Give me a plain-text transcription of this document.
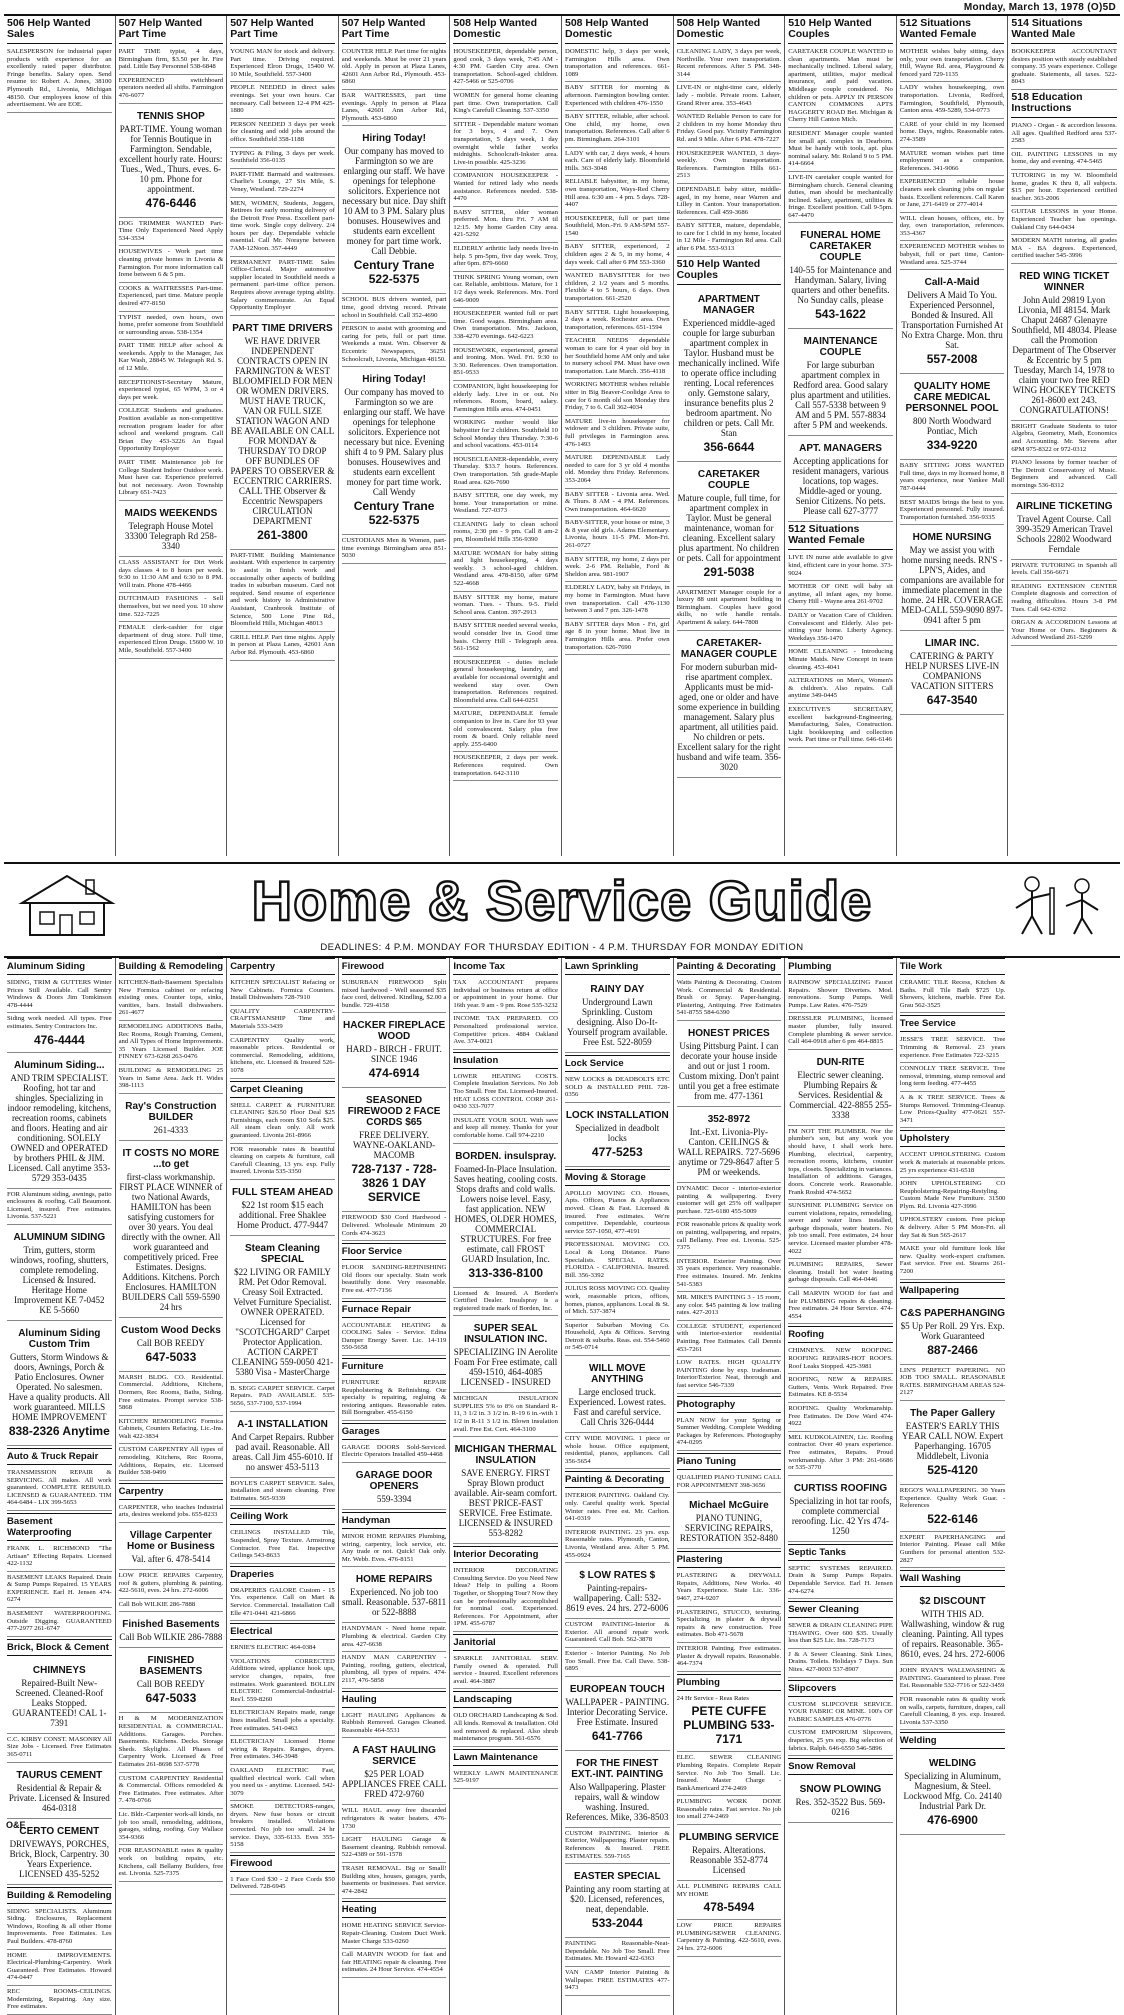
Monday, March 13, 1978 (O)5D
506 Help Wanted Sales
SALESPERSON for industrial paper products with experience for an excellently rated paper distributor. Fringe benefits. Salary open. Send resume to: Robert A. Jones, 38100 Plymouth Rd., Livonia, Michigan 48150. Our employees know of this advertisement. We are EOE.
507 Help Wanted Part Time
PART TIME typist, 4 days, Birmingham firm, $3.50 per hr. Fire paid. Little Bay Personnel 538-6848
EXPERIENCED switchboard operators needed all shifts. Farmington 476-6077
TENNIS SHOP
PART-TIME. Young woman for Tennis Boutique in Farmington. Sendable, excellent hourly rate. Hours: Tues., Wed., Thurs. eves. 6-10 pm. Phone for appointment.
476-6446
DOG TRIMMER WANTED Part-Time Only Experienced Need Apply 534-3534
HOUSEWIVES - Work part time cleaning private homes in Livonia & Farmington. For more information call Irene between 6 & 5 pm.
COOKS & WAITRESSES Part-time. Experienced, part time. Mature people desired 477-8150
TYPIST needed, own hours, own home, prefer someone from Southfield or surrounding areas. 538-1354
PART TIME HELP after school & weekends. Apply to the Manager, Jax Kar Wash, 28845 W. Telegraph Rd. S. of 12 Mile.
RECEPTIONIST-Secretary Mature, experienced typist, 65 WPM, 3 or 4 days per week.
COLLEGE Students and graduates. Position available as non-competitive recreation program leader for after school and weekend program. Call Brian Day 453-3226 An Equal Opportunity Employer
PART TIME Maintenance job for College Student Indoor Outdoor work. Must have car. Experience preferred but not necessary. Avon Township Library 651-7423
MAIDS WEEKENDS
Telegraph House Motel 33300 Telegraph Rd 258-3340
CLASS ASSISTANT for Dirt Work days classes 4 to 8 hours per week. 9:30 to 11:30 AM and 6:30 to 8 PM. Will train. Phone 478-4466
DUTCHMAID FASHIONS - Sell themselves, but we need you. 10 show time. 522-7225
FEMALE clerk-cashier for cigar department of drug store. Full time, experienced Elron Drugs. 15600 W. 10 Mile, Southfield. 557-3400
507 Help Wanted Part Time
YOUNG MAN for stock and delivery. Part time. Driving required. Experienced Elron Drugs, 15400 W. 10 Mile, Southfield. 557-3400
PEOPLE NEEDED in direct sales evenings. Set your own hours. Car necessary. Call between 12-4 PM 425-1880
PERSON NEEDED 3 days per week for cleaning and odd jobs around the office. Southfield 358-1188
TYPING & Filing, 3 days per week. Southfield 356-0135
PART-TIME Barmaid and waitresses. Charlie's Lounge, 27 Six Mile, S. Veney, Westland. 729-2274
MEN, WOMEN, Students, Joggers, Retirees for early morning delivery of the Detroit Free Press. Excellent part-time work. Single copy delivery. 2/4 hours per day. Dependable vehicle essential. Call Mr. Norayne between 7AM-12Noon. 357-4449
PERMANENT PART-TIME Sales Office-Clerical. Major automotive supplier located in Southfield needs a permanent part-time office person. Requires above average typing ability. Salary commensurate. An Equal Opportunity Employer
PART TIME DRIVERS
WE HAVE DRIVER INDEPENDENT CONTRACTS OPEN IN FARMINGTON & WEST BLOOMFIELD FOR MEN OR WOMEN DRIVERS. MUST HAVE TRUCK, VAN OR FULL SIZE STATION WAGON AND BE AVAILABLE ON CALL FOR MONDAY & THURSDAY TO DROP OFF BUNDLES OF PAPERS TO OBSERVER & ECCENTRIC CARRIERS. CALL THE Observer & Eccentric Newspapers CIRCULATION DEPARTMENT
261-3800
PART-TIME Building Maintenance assistant. With experience in carpentry to assist in finish work and occasionally other aspects of building trades in suburban museum. Card not required. Send resume of experience and work history to Administrative Assistant, Cranbrook Institute of Science, 500 Lone Pine Rd., Bloomfield Hills, Michigan 48013
GRILL HELP. Part time nights. Apply in person at Plaza Lanes, 42601 Ann Arbor Rd. Plymouth. 453-6860
507 Help Wanted Part Time
COUNTER HELP. Part time for nights and weekends. Must be over 21 years old. Apply in person at Plaza Lanes, 42601 Ann Arbor Rd., Plymouth. 453-6860
BAR WAITRESSES, part time evenings. Apply in person at Plaza Lanes, 42601 Ann Arbor Rd., Plymouth. 453-6860
Hiring Today!
Our company has moved to Farmington so we are enlarging our staff. We have openings for telephone solicitors. Experience not necessary but nice. Day shift 10 AM to 3 PM. Salary plus bonuses. Housewives and students earn excellent money for part time work. Call Debbie.
Century Trane 522-5375
SCHOOL BUS drivers wanted, part time, good driving record. Private school in Southfield. Call 352-4690
PERSON to assist with grooming and caring for pets, full or part time. Weekends a must. Wm. Observer & Eccentric Newspapers, 36251 Schoolcraft, Livonia, Michigan 48150.
Hiring Today!
Our company has moved to Farmington so we are enlarging our staff. We have openings for telephone solicitors. Experience not necessary but nice. Evening shift 4 to 9 PM. Salary plus bonuses. Housewives and students earn excellent money for part time work. Call Wendy
Century Trane 522-5375
CUSTODIANS Men & Women, part-time evenings Birmingham area 851-5030
508 Help Wanted Domestic
HOUSEKEEPER, dependable person, good cook, 3 days week, 7:45 AM - 4:30 PM. Garden City area. Own transportation. School-aged children. 427-5466 or 525-0706
WOMEN for general home cleaning part time. Own transportation. Call King's Carefull Cleaning. 537-3350
SITTER - Dependable mature woman for 3 boys, 4 and 7. Own transportation, 5 days week, 1 day overnight while father works midnights. Schoolcraft-Inkster area. Live-in possible. 425-3236
COMPANION HOUSEKEEPER - Wanted for retired lady who needs assistance. References needed. 538-4470
BABY SITTER, older woman preferred. Mon. thru Fri. 7 AM til 12:15. My home Garden City area. 421-5292
ELDERLY arthritic lady needs live-in help. 5 pm-5pm, five day week. Troy, after 6pm. 879-6660
THINK SPRING Young woman, own car. Reliable, ambitious. Mature, for 1 1/2 days week. References. Mrs. Ford 646-9009
HOUSEKEEPER wanted full or part time. Good wages. Birmingham area. Own transportation. Mrs. Jackson, 338-4270 evenings. 642-6223
HOUSEWORK, experienced, general and ironing. Mon. Wed. Fri. 9:30 to 3:30. References. Own transportation. 851-9533
COMPANION, light housekeeping for elderly lady. Live in or out. No references. Room, board, salary. Farmington Hills area. 474-0451
WORKING mother would like babysitter for 2 children. Southfield 10 School Monday thru Thursday. 7:30-6 and school vacations. 453-0114
HOUSECLEANER-dependable, every Thursday. $33.7 hours. References. Own transportation. 5th grade-Maple Road area. 626-7690
BABY SITTER, one day week, my home. Your transportation or mine. Westland. 727-0373
CLEANING lady to clean school rooms, 2:30 pm - 9 pm. Call 8 am-2 pm, Bloomfield Hills 356-9390
MATURE WOMAN for baby sitting and light housekeeping, 4 days weekly. 3 school-aged children. Westland area. 478-8150, after 6PM 522-4668
BABY SITTER my home, mature woman. Tues. - Thurs. 9-5. Field School area. Canton. 397-2913
BABY SITTER needed several weeks, would consider live in. Good time basis. Cherry Hill - Telegraph area. 561-1562
HOUSEKEEPER - duties include general housekeeping, laundry, and available for occasional overnight and weekend stay over. Own transportation. References required. Bloomfield area. Call 644-0251
MATURE, DEPENDABLE female companion to live in. Care for 93 year old convalescent. Salary plus free room & board. Only reliable need apply. 255-6400
HOUSEKEEPER, 2 days per week. References required. Own transportation. 642-3110
508 Help Wanted Domestic
DOMESTIC help, 3 days per week, Farmington Hills area. Own transportation and references. 661-1089
BABY SITTER for morning & afternoon. Farmington bowling center. Experienced with children 476-1550
BABY SITTER, reliable, after school. One child, my home, own transportation. References. Call after 6 pm. Birmingham. 264-3101
LADY with car, 2 days week, 4 hours each. Care of elderly lady. Bloomfield Hills. 363-3048
RELIABLE babysitter, in my home, own transportation, Ways-Red Cherry Hill area. 6:30 am - 4 pm. 5 days. 728-4407
HOUSEKEEPER, full or part time Southfield, Mon.-Fri. 9 AM-5PM 557-1540
BABY SITTER, experienced, 2 children ages 2 & 5, in my home, 4 days week. Call after 6 PM 553-3360
WANTED BABYSITTER for two children, 2 1/2 years and 5 months. Flexible 4 to 5 hours, 6 days. Own transportation. 661-2520
BABY SITTER. Light housekeeping, 2 days a week. Rochester area. Own transportation, references. 651-1594
TEACHER NEEDS dependable woman to care for 4 year old boy in her Southfield home AM only and take to nursery school PM. Must have own transportation. Late March. 356-4118
WORKING MOTHER wishes reliable sitter in Big Beaver-Coolidge Area to care for 6 month old son Monday thru Friday, 7 to 6. Call 362-4034
MATURE live-in housekeeper for widower and 3 children. Private suite, full privileges in Farmington area. 476-1493
MATURE DEPENDABLE Lady needed to care for 3 yr old 4 months old. Monday thru Friday. References. 353-2064
BABY SITTER - Livonia area. Wed. & Thurs. 8 AM - 4 PM. References. Own transportation. 464-6620
BABY-SITTER, your house or mine, 3 & 8 year old girls. Adams Elementary. Livonia, hours 11-5 PM. Mon-Fri. 261-0727
BABY SITTER, my home, 2 days per week. 2-6 PM. Reliable, Ford & Sheldon area. 981-1907
ELDERLY LADY, baby sit Fridays, in my home in Farmington. Must have own transportation. Call 476-1130 between 3 and 7 pm. 326-1478
BABY SITTER days Mon - Fri, girl age 8 in your home. Must live in Farmington Hills area. Prefer own transportation. 626-7690
508 Help Wanted Domestic
CLEANING LADY, 3 days per week, Northville. Your own transportation. Recent references. After 5 PM. 348-3144
LIVE-IN or night-time care, elderly lady - mobile. Private room. Lahser, Grand River area. 353-4643
WANTED Reliable Person to care for 2 children in my home Monday thru Friday. Good pay. Vicinity Farmington Rd. and 9 Mile. After 6 PM. 478-7227
HOUSEKEEPER WANTED, 3 days-weekly. Own transportation. References. Farmington Hills 661-2513
DEPENDABLE baby sitter, middle-aged, in my home, near Warren and Lilley in Canton. Your transportation. References. Call 459-3686
BABY SITTER, mature, dependable, to care for 1 child in my home, located in 12 Mile - Farmington Rd area. Call after 6 PM. 553-9313
510 Help Wanted Couples
APARTMENT MANAGER
Experienced middle-aged couple for large suburban apartment complex in Taylor. Husband must be mechanically inclined. Wife to operate office including renting. Local references only. Gemstone salary, insurance benefits plus 2 bedroom apartment. No children or pets. Call Mr. Stan
356-6644
CARETAKER COUPLE
Mature couple, full time, for apartment complex in Taylor. Must be general maintenance, woman for cleaning. Excellent salary plus apartment. No children or pets. Call for appointment
291-5038
APARTMENT Manager couple for a luxury 88 unit apartment building in Birmingham. Couples have good skills, no wife handle rentals. Apartment & salary. 644-7808
CARETAKER-MANAGER COUPLE
For modern suburban mid-rise apartment complex. Applicants must be mid-aged, one or older and have some experience in building management. Salary plus apartment, all utilities paid. No children or pets. Excellent salary for the right husband and wife team. 356-3020
510 Help Wanted Couples
CARETAKER COUPLE WANTED to clean apartments. Man must be mechanically inclined. Liberal salary, apartment, utilities, major medical insurance, and paid vacation. Middleage couple considered. No children or pets. APPLY IN PERSON CANTON COMMONS APTS HAGGERTY ROAD Bet. Michigan & Cherry Hill Canton Mich.
RESIDENT Manager couple wanted for small apt. complex in Dearborn. Must be handy with tools, apt. plus nominal salary. Mr. Roland 9 to 5 PM. 414-6664
LIVE-IN caretaker couple wanted for Birmingham church. General cleaning duties, man should be mechanically inclined. Salary, apartment, utilities & fringe. Excellent position. Call 9-5pm. 647-4470
FUNERAL HOME CARETAKER COUPLE
140-55 for Maintenance and Handyman. Salary, living quarters and other benefits. No Sunday calls, please
543-1622
MAINTENANCE COUPLE
For large suburban apartment complex in Redford area. Good salary plus apartment and utilities. Call 557-5338 between 9 AM and 5 PM. 557-8834 after 5 PM and weekends.
APT. MANAGERS
Accepting applications for resident managers, various locations, top wages. Middle-aged or young. Senior Citizens. No pets. Please call 627-3777
512 Situations Wanted Female
LIVE IN nurse aide available to give kind, efficient care in your home. 373-9024
MOTHER OF ONE will baby sit anytime, all infant ages, my home. Cherry Hill - Wayne area 261-9702
DAILY or Vacation Care of Children. Convalescent and Elderly. Also pet-sitting your home. Liberty Agency. Weekdays 356-1470
HOME CLEANING - Introducing Minute Maids. New Concept in team cleaning. 453-4041
ALTERATIONS on Men's, Women's & children's. Also repairs. Call anytime 349-0445
EXECUTIVE'S SECRETARY, excellent background-Engineering, Manufacturing, Sales, Construction. Light bookkeeping and collection work. Part time or Full time. 646-6146
512 Situations Wanted Female
MOTHER wishes baby sitting, days only, your own transportation. Cherry Hill, Wayne Rd. area, Playground & fenced yard 729-1135
LADY wishes housekeeping, own transportation. Livonia, Redford, Farmington, Southfield, Plymouth, Canton area. 459-5289, 534-0773
CARE of your child in my licensed home. Days, nights. Reasonable rates. 274-3589
MATURE woman wishes part time employment as a companion. References. 341-9066
EXPERIENCED reliable house cleaners seek cleaning jobs on regular basis. Excellent references. Call Karen or Jane, 271-6419 or 277-4014
WILL clean houses, offices, etc. by day, own transportation, references. 353-4367
EXPERIENCED MOTHER wishes to babysit, full or part time, Canton-Westland area. 525-3744
Call-A-Maid
Delivers A Maid To You. Experienced Personnel, Bonded & Insured. All Transportation Furnished At No Extra Charge. Mon. thru Sat.
557-2008
QUALITY HOME CARE MEDICAL PERSONNEL POOL
800 North Woodward Pontiac, Mich
334-9220
BABY SITTING JOBS WANTED Full time, days in my licensed home, 8 years experience, near Yankee Mall 787-0444
BEST MAIDS brings the best to you. Experienced personnel. Fully insured. Transportation furnished. 356-9335
HOME NURSING
May we assist you with home nursing needs. RN'S - LPN'S, Aides, and companions are available for immediate placement in the home. 24 HR. COVERAGE MED-CALL 559-9090 897-0941 after 5 pm
LIMAR INC.
CATERING & PARTY HELP NURSES LIVE-IN COMPANIONS VACATION SITTERS
647-3540
514 Situations Wanted Male
BOOKKEEPER ACCOUNTANT desires position with steady established company. 35 years experience. College graduate. Statements, all taxes. 522-8043
518 Education Instructions
PIANO - Organ - & accordion lessons. All ages. Qualified Redford area 537-2583
OIL PAINTING LESSONS in my home, day and evening. 474-5465
TUTORING in my W. Bloomfield home, grades K thru 8, all subjects. $15 per hour. Experienced certified teacher. 363-2006
GUITAR LESSONS in your Home. Experienced Teacher has openings. Oakland City 644-0434
MODERN MATH tutoring, all grades MA - BA degrees. Experienced, certified teacher 545-3996
RED WING TICKET WINNER
John Auld 29819 Lyon Livonia, MI 48154. Mark Chaput 24687 Glenayre Southfield, MI 48034. Please call the Promotion Department of The Observer & Eccentric by 5 pm Tuesday, March 14, 1978 to claim your two free RED WING HOCKEY TICKETS 261-8600 ext 243. CONGRATULATIONS!
BRIGHT Graduate Students to tutor Algebra, Geometry, Math, Economics and Accounting. Mr. Stevens after 6PM 975-8322 or 972-0312
PIANO lessons by former teacher of The Detroit Conservatory of Music. Beginners and advanced. Call mornings 536-8312
AIRLINE TICKETING
Travel Agent Course. Call 399-3529 American Travel Schools 22802 Woodward Ferndale
PRIVATE TUTORING in Spanish all levels. Call 356-6671
READING EXTENSION CENTER Complete diagnosis and correction of reading difficulties. Hours 3-8 PM Tues. Call 642-6392
ORGAN & ACCORDION Lessons at Your Home or Ours. Beginners & Advanced Westland 261-5299
Home & Service Guide
DEADLINES: 4 P.M. MONDAY FOR THURSDAY EDITION - 4 P.M. THURSDAY FOR MONDAY EDITION
Aluminum Siding
SIDING, TRIM & GUTTERS Winter Prices Still Available. Call Sentry Windows & Doors Jim Tomkinson 478-4444
Siding work needed. All types. Free estimates. Sentry Contractors Inc.
476-4444
Aluminum Siding...
AND TRIM SPECIALIST. Roofing, hot tar and shingles. Specializing in indoor remodeling, kitchens, recreation rooms, cabinets and floors. Heating and air conditioning. SOLELY OWNED and OPERATED by brothers PHIL & JIM. Licensed. Call anytime 353-5729 353-0435
FOR Aluminum siding, awnings, patio enclosures & roofing. Call Beaumont. Licensed, insured. Free estimates. Livonia. 537-5221
ALUMINUM SIDING
Trim, gutters, storm windows, roofing, shutters, complete remodeling. Licensed & Insured. Heritage Home Improvement KE 7-0452 KE 5-5660
Aluminum Siding Custom Trim
Gutters, Storm Windows & doors, Awnings, Porch & Patio Enclosures. Owner Operated. No salesmen. Have a quality products. All work guaranteed. MILLS HOME IMPROVEMENT
838-2326 Anytime
Auto & Truck Repair
TRANSMISSION REPAIR & SERVICING. All makes. All work guaranteed. COMPLETE REBUILD. LICENSED & GUARANTEED. TIM 464-6484 - LIX 399-5653
Basement Waterproofing
FRANK L. RICHMOND "The Artisan" Effecting Repairs. Licensed 422-1132
BASEMENT LEAKS Repaired. Drain & Sump Pumps Repaired. 15 YEARS EXPERIENCE. Earl H. Jensen 474-6274
BASEMENT WATERPROOFING. Outside Digging. GUARANTEED 477-2977 261-6747
Brick, Block & Cement
CHIMNEYS
Repaired-Built New-Screened. Cleaned-Roof Leaks Stopped. GUARANTEED! CAL 1-7391
C.C. KIRBY CONST. MASONRY All Size Jobs - Licensed. Free Estimates 365-0711
TAURUS CEMENT
Residential & Repair & Private. Licensed & Insured 464-0318
CERTO CEMENT
DRIVEWAYS, PORCHES, Brick, Block, Carpentry. 30 Years Experience. LICENSED 435-5252
Building & Remodeling
SIDING SPECIALISTS. Aluminum Siding. Enclosures, Replacement Windows, Roofing & all other Home Improvements. Free Estimates. Les Paul Builders. 478-8760
HOME IMPROVEMENTS. Electrical-Plumbing-Carpentry. Work Guaranteed. Free Estimates. Howard 474-0447
REC ROOMS-CEILINGS. Modernizing, Repairing. Any size. Free estimates.
Building & Remodeling
KITCHEN-Bath-Basement Specialists New Formica cabinet or refacing existing ones. Counter tops, sinks, vanities, bars. Install dishwashers. 261-4677
REMODELING ADDITIONS Baths, Rec Rooms, Rough Framing, Cement, and All Types of Home Improvements. 35 Years Licensed Builder. JOE FINNEY 673-6268 263-0476
BUILDING & REMODELING 25 Years in Same Area. Jack H. Wides 398-1113
Ray's Construction BUILDER
261-4333
IT COSTS NO MORE ...to get
first-class workmanship. FIRST PLACE WINNER of two National Awards, HAMILTON has been satisfying customers for over 30 years. You deal directly with the owner. All work guaranteed and competitively priced. Free Estimates. Designs. Additions. Kitchens. Porch Enclosures. HAMILTON BUILDERS Call 559-5590 24 hrs
Custom Wood Decks
Call BOB REEDY
647-5033
MARSH BLDG. CO. Residential. Commercial. Additions, Kitchens, Dormers, Rec Rooms, Baths, Siding. Free estimates. Prompt service 538-5868
KITCHEN REMODELING Formica Cabinets, Counters Refacing. Lic.-Ins. Walt 422-3834
CUSTOM CARPENTRY All types of remodeling, Kitchens, Rec Rooms, Additions, Repairs, etc. Licensed Builder 538-9499
Carpentry
CARPENTER, who teaches Industrial arts, desires weekend jobs. 655-8233
Village Carpenter Home or Business
Val. after 6. 478-5414
LOW PRICE REPAIRS Carpentry, roof & gutters, plumbing & painting. 422-5610, eves. 24 hrs. 272-6006
Call Bob WILKIE 286-7888
Finished Basements
Call Bob WILKIE 286-7888
FINISHED BASEMENTS
Call BOB REEDY
647-5033
H & M MODERNIZATION RESIDENTIAL & COMMERCIAL. Additions. Garages. Porches. Basements. Kitchens. Decks. Storage Sheds. Skylights. All Phases of Carpentry Work. Licensed & Free Estimates 261-8698 537-5778
CUSTOM CARPENTRY Residential & Commercial. Offices remodeled & Free Estimates. Free estimates. After 7. 478-0766
Lic. Bldr.-Carpenter work-all kinds, no job too small, remodeling, additions, garages, siding, roofing. Guy Wallace 354-9366
FOR REASONABLE rates & quality work on building repairs, etc. Kitchens, call Bellamy Builders, free est. Livonia. 525-7375
Carpentry
KITCHEN SPECIALIST Refacing or New Cabinets. Formica Counters. Install Dishwashers 728-7910
QUALITY CARPENTRY-CRAFTSMANSHIP Time and Materials 533-3439
CARPENTRY Quality work, reasonable prices. Residential or commercial. Remodeling, additions, kitchens, etc. Licensed & Insured 526-1078
Carpet Cleaning
SHELL CARPET & FURNITURE CLEANING $26.50 Floor Deal $25 Furnishings, each room $10 Sofa $25. All steam clean only. All work guaranteed. Livonia 261-8966
FOR reasonable rates & beautiful cleaning on carpets & furniture, call Carefull Cleaning, 13 yrs. exp. Fully insured. Livonia 535-3350
FULL STEAM AHEAD
$22 1st room $15 each additional. Free Shaklee Home Product. 477-9447
Steam Cleaning SPECIAL
$22 LIVING OR FAMILY RM. Pet Odor Removal. Creasy Soil Extracted. Velvet Furniture Specialist. OWNER OPERATED. Licensed for "SCOTCHGARD" Carpet Protector Application. ACTION CARPET CLEANING 559-0050 421-5380 Visa - MasterCharge
B. SEGG CARPET SERVICE. Carpet Repairs. PAD AVAILABLE. 535-5656, 537-7100, 537-1994
A-1 INSTALLATION
And Carpet Repairs. Rubber pad avail. Reasonable. All areas. Call Jim 455-6010. If no answer 453-5113
BOYLE'S CARPET SERVICE. Sales, installation and steam cleaning. Free Estimates. 565-9339
Ceiling Work
CEILINGS INSTALLED Tile, Suspended, Spray Texture. Armstrong Contractor. Free Est. Inspective Ceilings 543-8633
Draperies
DRAPERIES GALORE Custom - 15 Yrs. experience. Call on Mart & Service. Commercial. Installation Call Elle 471-0441 421-6866
Electrical
ERNIE'S ELECTRIC 464-0384
VIOLATIONS CORRECTED Additions wired, appliance hook ups, service changes, repairs, free estimates. Work guaranteed. BOLLIN ELECTRIC Commercial-Industrial-Res'l. 559-8260
ELECTRICIAN Repairs made, range lines installed. Small jobs a specialty. Free estimates. 541-0463
ELECTRICIAN Licensed Home wiring & Repairs. Ranges, dryers. Free estimates. 346-3948
OAKLAND ELECTRIC Fast, qualified electrical work. Call when you need us - anytime. Licensed. 542-3079
SMOKE DETECTORS-ranges, dryers. New fuse boxes or circuit breakers installed. Violations corrected. No job too small. 24 hr service. Days, 335-6133. Eves 355-5158
Firewood
1 Face Cord $30 - 2 Face Cords $50 Delivered. 728-6945
Firewood
SUBURBAN FIREWOOD Split mixed hardwood - Well seasoned $35 face cord, delivered. Kindling, $2.00 a bundle. 729-4158
HACKER FIREPLACE WOOD
HARD - BIRCH - FRUIT. SINCE 1946
474-6914
SEASONED FIREWOOD 2 FACE CORDS $65
FREE DELIVERY. WAYNE-OAKLAND-MACOMB
728-7137 - 728-3826 1 DAY SERVICE
FIREWOOD $30 Cord Hardwood - Delivered. Wholesale Minimum 20 Cords 474-3623
Floor Service
FLOOR SANDING-REFINISHING Old floors our specialty. Stain work beautifully done. Very reasonable. Free est. 477-7156
Furnace Repair
ACCOUNTABLE HEATING & COOLING Sales - Service. Edina Damper Energy Saver. Lic. 14-119 550-5658
Furniture
FURNITURE REPAIR Reupholstering & Refinishing. Our specialty is repairing, regluing & restoring antiques. Reasonable rates. Bill Borngraber. 455-6150
Garages
GARAGE DOORS Sold-Serviced. Electric Operators Installed 459-4468
GARAGE DOOR OPENERS
559-3394
Handyman
MINOR HOME REPAIRS Plumbing, wiring, carpentry, lock service, etc. Any trade or not. Quick! Oak only. Mr. Webb. Eves. 476-8151
HOME REPAIRS
Experienced. No job too small. Reasonable. 537-6811 or 522-8888
HANDYMAN - Need home repair. Plumbing & electrical. Garden City area. 427-6638
HANDY MAN CARPENTRY - Painting, roofing, gutters, electrical, plumbing, all types of repairs. 474-2117, 476-5858
Hauling
LIGHT HAULING Appliances & Rubbish Removed. Garages Cleaned. Reasonable 464-5531
A FAST HAULING SERVICE
$25 PER LOAD APPLIANCES FREE CALL FRED 472-9760
WILL HAUL away free discarded refrigerators & water heaters. 476-1730
LIGHT HAULING Garage & Basement cleaning. Rubbish removal. 522-4389 or 591-1578
TRASH REMOVAL. Big or Small! Building sites, houses, garages, yards, basements or businesses. Fast service. 474-2842
Heating
HOME HEATING SERVICE Service-Repair-Cleaning. Custom Duct Work. Master Charge 533-0260
Call MARVIN WOOD for fast and fair HEATING repair & cleaning. Free estimates. 24 Hour Service. 474-4554
Income Tax
TAX ACCOUNTANT prepares individual or business return at office or appointment in your home. Our 16th year. 9 am - 9 pm. Rose 535-3232
INCOME TAX PREPARED. CO Personalized professional service. Competitive prices. 4884 Oakland Ave. 374-0021
Insulation
LOWER HEATING COSTS. Complete Insulation Services. No Job Too Small. Free Est. Licensed-Insured. HEAT LOSS CONTROL CORP 261-0430 333-7077
INSULATE YOUR SOUL With save and keep all money. Thanks for your comfortable home. Call 974-2210
BORDEN. insulspray.
Foamed-In-Place Insulation. Saves heating, cooling costs. Stops drafts and cold walls. Lowers noise level. Easy, fast application. NEW HOMES, OLDER HOMES, COMMERCIAL STRUCTURES. For free estimate, call FROST GUARD Insulation, Inc.
313-336-8100
Licensed & Insured. A Borden's Certified Dealer. Insulspray is a registered trade mark of Borden, Inc.
SUPER SEAL INSULATION INC.
SPECIALIZING IN Aerolite Foam For Free estimate, call 459-1510, 464-4085 LICENSED - INSURED
MICHIGAN INSULATION SUPPLIES 5% to 8% on Standard R-11, 3 1/2 in. 3 1/2 in. R-19 6 in.-with 1 1/2 in R-11 3 1/2 in. Blown insulation avail. Free Est. Cert. 464-3100
MICHIGAN THERMAL INSULATION
SAVE ENERGY. FIRST Spray Blown product available. Air-seam comfort. BEST PRICE-FAST SERVICE. Free Estimate. LICENSED & INSURED 553-8282
Interior Decorating
INTERIOR DECORATING Consulting Service. Do you Need New Ideas? Help in pulling a Room Together, or Shopping Tour? Now they can be professionally accomplished for nominal cost. Experienced. References. For Appointment, after 1PM. 455-6787
Janitorial
SPARKLE JANITORIAL SERV. Family owned & operated. Full service - Insured. Excellent references avail. 464-3887
Landscaping
OLD ORCHARD Landscaping & Sod. All kinds. Removal & installation. Old sod removed & replaced. Also shrub maintenance program. 561-6576
Lawn Maintenance
WEEKLY LAWN MAINTENANCE 525-9197
Lawn Sprinkling
RAINY DAY
Underground Lawn Sprinkling. Custom designing. Also Do-It-Yourself program available. Free Est. 522-8059
Lock Service
NEW LOCKS & DEADBOLTS ETC SOLD & INSTALLED PHIL 728-0356
LOCK INSTALLATION
Specialized in deadbolt locks
477-5253
Moving & Storage
APOLLO MOVING CO. Houses, Apts. Offices, Pianos & Appliances moved. Clean & Fast. Licensed & insured. Free estimates. We're competitive. Dependable, courteous service 557-1050, 477-4191
PROFESSIONAL MOVING CO. Local & Long Distance. Piano Specialists. SPECIAL RATES. FLORIDA - CALIFORNIA. Insured. Bill. 356-3392
JULIUS ROSS MOVING CO. Quality work, reasonable prices, offices, homes, pianos, appliances. Local & St. of Mich. 537-3874
Superior Suburban Moving Co. Household, Apts & Offices. Serving Detroit & suburbs. Reas. est. 554-5460 or 545-0714
WILL MOVE ANYTHING
Large enclosed truck. Experienced. Lowest rates. Fast and careful service. Call Chris 326-0444
CITY WIDE MOVING. 1 piece or whole house. Office equipment, residential, pianos, appliances. Call 356-5654
Painting & Decorating
INTERIOR PAINTING. Oakland Cty. only. Careful quality work. Special Winter rates. Free est. Mr. Carlton. 641-0319
INTERIOR PAINTING. 23 yrs. exp. Reasonable rates. Plymouth, Canton, Livonia, Westland area. After 5 PM. 455-0924
$ LOW RATES $
Painting-repairs-wallpapering. Call: 532-8619 eves. 24 hrs. 272-6006
CUSTOM PAINTING-Interior & Exterior. All around repair work. Guaranteed. Call Bob. 562-3878
Exterior - Interior Painting. No Job Too Small. Free Est. Call Dave. 538-6895
EUROPEAN TOUCH
WALLPAPER - PAINTING. Interior Decorating Service. Free Estimate. Insured
641-7766
FOR THE FINEST EXT.-INT. PAINTING
Also Wallpapering. Plaster repairs, wall & window washing. Insured. References. Mike, 336-8503
CUSTOM PAINTING. Interior & Exterior, Wallpapering. Plaster repairs. References & Insured. FREE ESTIMATES. 559-7165
EASTER SPECIAL
Painting any room starting at $20. Licensed, references, neat, dependable.
533-2044
PAINTING Reasonable-Neat-Dependable. No Job Too Small. Free Estimates. Mr. Howard 422-6363
VAN CAMP Interior Painting & Wallpaper. FREE ESTIMATES 477-9473
Painting & Decorating
Watts Painting & Decorating. Custom Work. Commercial & Residential. Brush or Spray. Paper-hanging. Plastering, Antiquing. Free Estimates 541-8755 584-6390
HONEST PRICES
Using Pittsburg Paint. I can decorate your house inside and out or just 1 room. Custom mixing. Don't paint until you get a free estimate from me. 477-1361
352-8972
Int.-Ext. Livonia-Ply-Canton. CEILINGS & WALL REPAIRS. 727-5696 anytime or 729-8647 after 5 PM or weekends.
DYNAMIC Decor - interior-exterior painting & wallpapering. Every customer will get 25% off wallpaper purchase. 725-6180 455-5009
FOR reasonable prices & quality work on painting, wallpapering, and repairs, call Bellamy. Free est. Livonia. 525-7375
INTERIOR. Exterior Painting. Over 35 years experience. Very reasonable. Free estimates. Insured. Mr. Jenkins 541-5383
MR. MIKE'S PAINTING 3 - 15 room, any color. $45 painting & low trailing rates. 427-2013
COLLEGE STUDENT, experienced with interior-exterior residential Painting. Free Estimates. Call Dennis 453-7261
LOW RATES. HIGH QUALITY PAINTING done by exp. tradesman. Interior/Exterior. Neat, thorough and fast service 546-7339
Photography
PLAN NOW for your Spring or Summer Wedding. Complete Wedding Packages by References. Photography 474-0295
Piano Tuning
QUALIFIED PIANO TUNING CALL FOR APPOINTMENT 398-3656
Michael McGuire
PIANO TUNING, SERVICING REPAIRS, RESTORATION 352-8480
Plastering
PLASTERING & DRYWALL Repairs, Additions, New Works. 40 Years Experience. State Lic. 336-9467, 274-9207
PLASTERING, STUCCO, texturing. Specializing in plaster & drywall repairs & new construction. Free estimates. Bob 471-5678
INTERIOR Painting. Free estimates. Plaster & drywall repairs. Reasonable. 464-7374
Plumbing
24 Hr Service - Reas Rates
PETE CUFFE PLUMBING 533-7171
ELEC. SEWER CLEANING Plumbing Repairs. Complete Repair Service. No Job Too Small. Lic. Insured. Master Charge - BankAmericard 274-2469
PLUMBING WORK DONE Reasonable rates. Fast service. No job too small 274-2469
PLUMBING SERVICE
Repairs. Alterations. Reasonable 352-8774 Licensed
ALL PLUMBING REPAIRS CALL MY HOME
478-5494
LOW PRICE REPAIRS PLUMBING/SEWER CLEANING. Carpentry & Painting. 422-5610, eves. 24 hrs. 272-6006
Plumbing
RAINBOW SPECIALIZING Faucet Repairs. Shower Diverters. Mod. renovations. Sump Pumps. Well Pumps. Law Rates. 476-7529
DRESSLER PLUMBING, licensed master plumber, fully insured. Complete plumbing & sewer service. Call 464-0918 after 6 pm 464-8815
DUN-RITE
Electric sewer cleaning. Plumbing Repairs & Services. Residential & Commercial. 422-8855 255-3338
I'M NOT THE PLUMBER. Nor the plumber's son, but any work you should have, I shall work here. Plumbing, electrical, carpentry, recreation rooms, kitchens, counter tops, closets. Specializing in variances. Installation of additions. Garages, doors. Concrete work. Reasonable. Frank Roshid 474-5652
SUNSHINE PLUMBING Service on current violations, repairs, remodeling, sewer and water lines installed, garbage disposals, water heaters. No job too small. Free estimates, 24 hour service. Licensed master plumber 478-4022
PLUMBING REPAIRS, Sewer cleaning. Install hot water heating garbage disposals. Call 464-0446
Call MARVIN WOOD for fast and fair PLUMBING repairs & cleaning. Free estimates. 24 Hour Service. 474-4554
Roofing
CHIMNEYS. NEW ROOFING. ROOFING REPAIRS-HOT ROOFS. Roof Leaks Stopped. 425-3981
ROOFING, NEW & REPAIRS. Gutters, Vents. Work Repaired. Free Estimates. KE 8-5534
ROOFING. Quality Workmanship. Free Estimates. De Dow Ward 474-4922
MEL KUDKOLAINEN, Lic. Roofing contractor. Over 40 years experience. Free estimates, Repairs. Proud workmanship. After 3 PM: 261-6686 or 535-3770
CURTISS ROOFING
Specializing in hot tar roofs, complete commercial reroofing. Lic. 42 Yrs 474-1250
Septic Tanks
SEPTIC SYSTEMS REPAIRED. Drain & Sump Pumps Repairs. Dependable Service. Earl H. Jensen 474-6274
Sewer Cleaning
SEWER & DRAIN CLEANING PIPE THAWING. Over 600 $35. Usually less than $25 Lic. Ins. 728-7173
J & A Sewer Cleaning. Sink Lines, Drains. Toilets. Holidays 7 Days. Sun Nites. 427-8003 537-8907
Slipcovers
CUSTOM SLIPCOVER SERVICE. YOUR FABRIC OR MINE. 100's OF FABRIC SAMPLES 476-0776
CUSTOM EMPORIUM Slipcovers, draperies, 25 yrs exp. Big selection of fabrics. Ralph. 646-6550 546-5896
Snow Removal
SNOW PLOWING
Res. 352-3522 Bus. 569-0216
Tile Work
CERAMIC TILE Recess, Kitchen & Baths. Full Tile Bath $725 Up. Showers, kitchens, marble. Free Est. Grau 562-3525
Tree Service
JESSE'S TREE SERVICE. Tree Trimming & Removal. 23 years experience. Free Estimates 722-3215
CONNOLLY TREE SERVICE. Tree removal, trimming, stump removal and long term feeding. 477-4455
A & K TREE SERVICE. Trees & Stumps Removed. Trimming-Cleanup. Low Prices-Quality 477-0621 557-3471
Upholstery
ACCENT UPHOLSTERING. Custom work & materials at reasonable prices. 25 yrs experience 431-6518
JOHN UPHOLSTERING CO Reupholstering-Repairing-Restyling. Custom Made New Furniture. 31500 Plym. Rd. Livonia 427-3996
UPHOLSTERY custom. Free pickup & delivery. After 5 PM Mon-Fri. all day Sat & Sun 565-2617
MAKE your old furniture look like new. Quality work-expert craftsmen. Fast service. Free est. Stearns 261-7200
Wallpapering
C&S PAPERHANGING
$5 Up Per Roll. 29 Yrs. Exp. Work Guaranteed
887-2466
LIN'S PERFECT PAPERING. NO JOB TOO SMALL. REASONABLE RATES. BIRMINGHAM AREAS 524-2127
The Paper Gallery
EASTER'S EARLY THIS YEAR CALL NOW. Expert Paperhanging. 16705 Middlebelt, Livonia
525-4120
REGO'S WALLPAPERING. 30 Years Experience. Quality Work Guar. - References
522-6146
EXPERT PAPERHANGING and Interior Painting. Please call Mike Gunthers for personal attention 532-2827
Wall Washing
$2 DISCOUNT
WITH THIS AD. Wallwashing, window & rug cleaning. Painting. All types of repairs. Reasonable. 365-8610, eves. 24 hrs. 272-6006
JOHN RYAN'S WALLWASHING & PAINTING. Guaranteed to please. Free Est. Reasonable 532-7716 or 522-3459
FOR reasonable rates & quality work on walls, carpets, furniture, drapes, call Carefull Cleaning, 8 yrs. exp. Insured. Livonia 537-3350
Welding
WELDING
Specializing in Aluminum, Magnesium, & Steel. Lockwood Mfg. Co. 24140 Industrial Park Dr.
476-6900
O&E
